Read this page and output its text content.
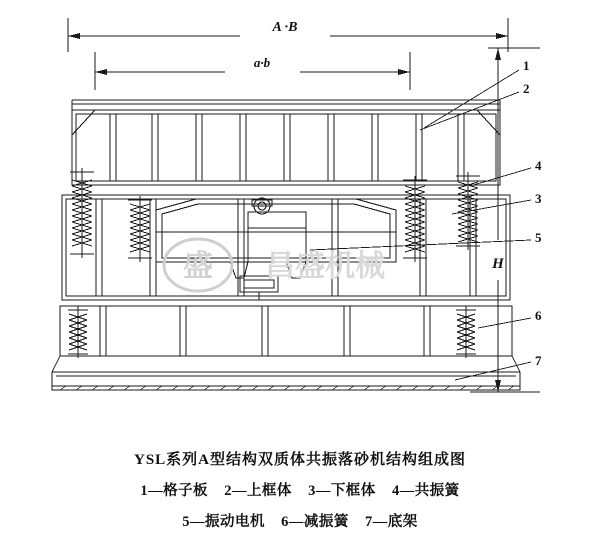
A ·B
a·b
H
1
2
4
3
5
6
7
盛 昌盛机械
YSL系列A型结构双质体共振落砂机结构组成图
1—格子板 2—上框体 3—下框体 4—共振簧
5—振动电机 6—减振簧 7—底架
